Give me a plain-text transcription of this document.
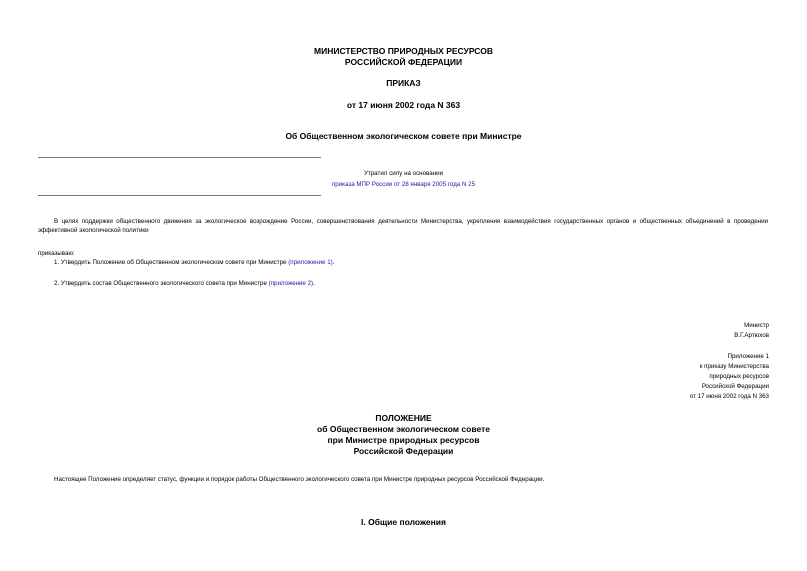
МИНИСТЕРСТВО ПРИРОДНЫХ РЕСУРСОВ
РОССИЙСКОЙ ФЕДЕРАЦИИ
ПРИКАЗ
от 17 июня 2002 года N 363
Об Общественном экологическом совете при Министре
Утратил силу на основании
приказа МПР России от 28 января 2005 года N 25
В целях поддержки общественного движения за экологическое возрождение России, совершенствования деятельности Министерства, укрепления взаимодействия государственных органов и общественных объединений в проведении эффективной экологической политики
приказываю:
1. Утвердить Положение об Общественном экологическом совете при Министре (приложение 1).
2. Утвердить состав Общественного экологического совета при Министре (приложение 2).
Министр
В.Г.Артюхов
Приложение 1
к приказу Министерства
природных ресурсов
Российской Федерации
от 17 июня 2002 года N 363
ПОЛОЖЕНИЕ
об Общественном экологическом совете
при Министре природных ресурсов
Российской Федерации
Настоящее Положение определяет статус, функции и порядок работы Общественного экологического совета при Министре природных ресурсов Российской Федерации.
I. Общие положения
